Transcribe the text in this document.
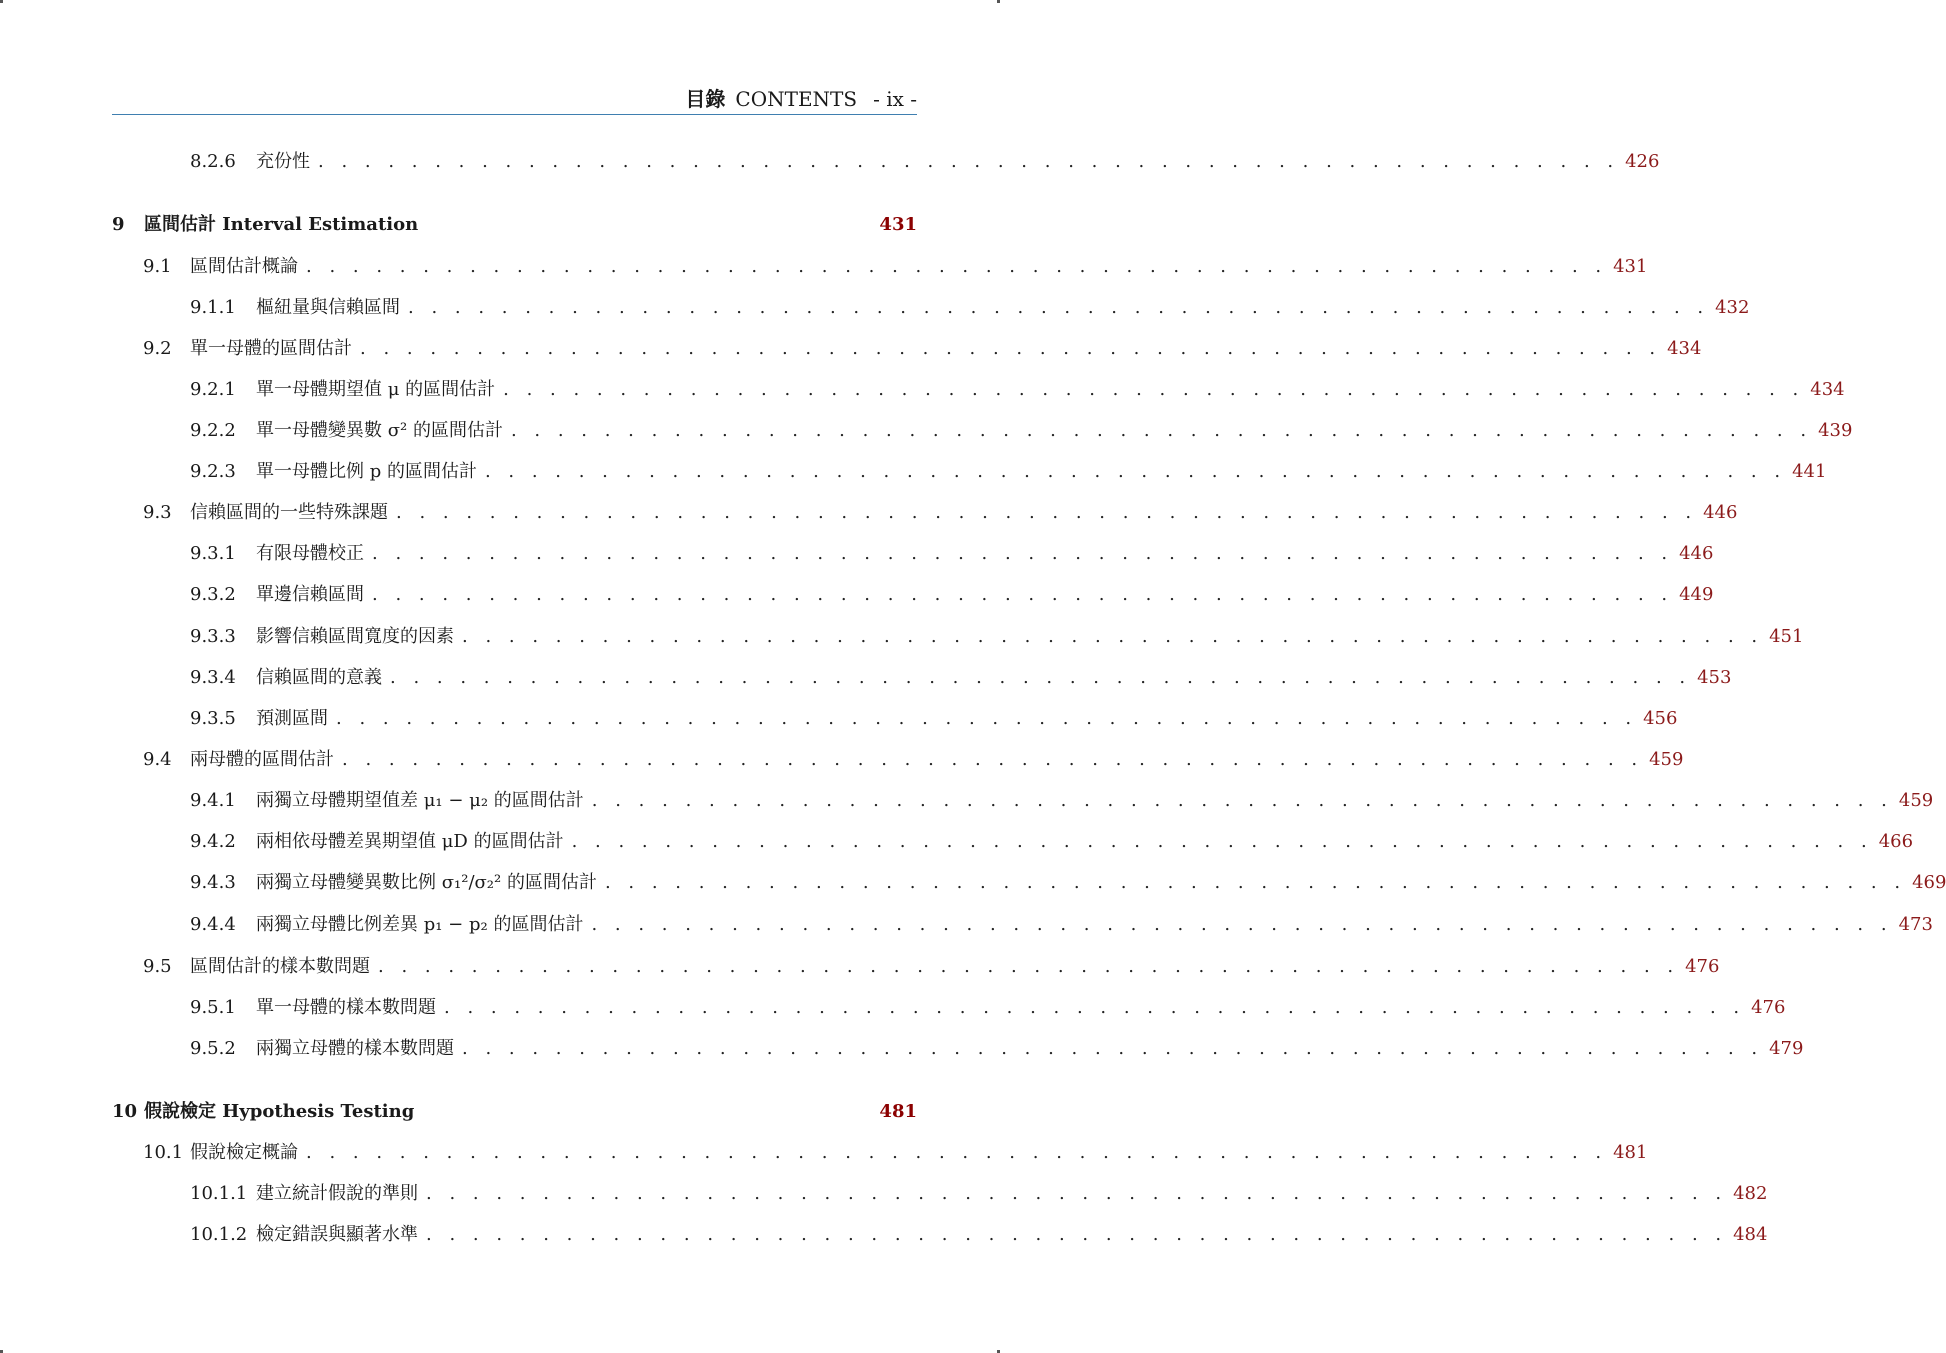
目錄 CONTENTS - ix -
8.2.6	充份性 . . . . . . . . . . . . . . . . . . . . . . . . . . . . . . . . . . . . . . . . . . . . . . . . . . . . . . . . 426
9	區間估計 Interval Estimation	431
9.1	區間估計概論 . . . . . . . . . . . . . . . . . . . . . . . . . . . . . . . . . . . . . . . . . . . . . . . . . . . . . . . . 431
9.1.1	樞紐量與信賴區間 . . . . . . . . . . . . . . . . . . . . . . . . . . . . . . . . . . . . . . . . . . . . . . . . . . . . . . . . 432
9.2	單一母體的區間估計 . . . . . . . . . . . . . . . . . . . . . . . . . . . . . . . . . . . . . . . . . . . . . . . . . . . . . . . . 434
9.2.1	單一母體期望值 μ 的區間估計 . . . . . . . . . . . . . . . . . . . . . . . . . . . . . . . . . . . . . . . . . . . . . . . . . . . . . . . . 434
9.2.2	單一母體變異數 σ² 的區間估計 . . . . . . . . . . . . . . . . . . . . . . . . . . . . . . . . . . . . . . . . . . . . . . . . . . . . . . . . 439
9.2.3	單一母體比例 p 的區間估計 . . . . . . . . . . . . . . . . . . . . . . . . . . . . . . . . . . . . . . . . . . . . . . . . . . . . . . . . 441
9.3	信賴區間的一些特殊課題 . . . . . . . . . . . . . . . . . . . . . . . . . . . . . . . . . . . . . . . . . . . . . . . . . . . . . . . . 446
9.3.1	有限母體校正 . . . . . . . . . . . . . . . . . . . . . . . . . . . . . . . . . . . . . . . . . . . . . . . . . . . . . . . . 446
9.3.2	單邊信賴區間 . . . . . . . . . . . . . . . . . . . . . . . . . . . . . . . . . . . . . . . . . . . . . . . . . . . . . . . . 449
9.3.3	影響信賴區間寬度的因素 . . . . . . . . . . . . . . . . . . . . . . . . . . . . . . . . . . . . . . . . . . . . . . . . . . . . . . . . 451
9.3.4	信賴區間的意義 . . . . . . . . . . . . . . . . . . . . . . . . . . . . . . . . . . . . . . . . . . . . . . . . . . . . . . . . 453
9.3.5	預測區間 . . . . . . . . . . . . . . . . . . . . . . . . . . . . . . . . . . . . . . . . . . . . . . . . . . . . . . . . 456
9.4	兩母體的區間估計 . . . . . . . . . . . . . . . . . . . . . . . . . . . . . . . . . . . . . . . . . . . . . . . . . . . . . . . . 459
9.4.1	兩獨立母體期望值差 μ₁ − μ₂ 的區間估計 . . . . . . . . . . . . . . . . . . . . . . . . . . . . . . . . . . . . . . . . . . . . . . . . . . . . . . . . 459
9.4.2	兩相依母體差異期望值 μD 的區間估計 . . . . . . . . . . . . . . . . . . . . . . . . . . . . . . . . . . . . . . . . . . . . . . . . . . . . . . . . 466
9.4.3	兩獨立母體變異數比例 σ₁²/σ₂² 的區間估計 . . . . . . . . . . . . . . . . . . . . . . . . . . . . . . . . . . . . . . . . . . . . . . . . . . . . . . . . 469
9.4.4	兩獨立母體比例差異 p₁ − p₂ 的區間估計 . . . . . . . . . . . . . . . . . . . . . . . . . . . . . . . . . . . . . . . . . . . . . . . . . . . . . . . . 473
9.5	區間估計的樣本數問題 . . . . . . . . . . . . . . . . . . . . . . . . . . . . . . . . . . . . . . . . . . . . . . . . . . . . . . . . 476
9.5.1	單一母體的樣本數問題 . . . . . . . . . . . . . . . . . . . . . . . . . . . . . . . . . . . . . . . . . . . . . . . . . . . . . . . . 476
9.5.2	兩獨立母體的樣本數問題 . . . . . . . . . . . . . . . . . . . . . . . . . . . . . . . . . . . . . . . . . . . . . . . . . . . . . . . . 479
10 假說檢定 Hypothesis Testing	481
10.1 假說檢定概論 . . . . . . . . . . . . . . . . . . . . . . . . . . . . . . . . . . . . . . . . . . . . . . . . . . . . . . . . 481
10.1.1 建立統計假說的準則 . . . . . . . . . . . . . . . . . . . . . . . . . . . . . . . . . . . . . . . . . . . . . . . . . . . . . . . . 482
10.1.2 檢定錯誤與顯著水準 . . . . . . . . . . . . . . . . . . . . . . . . . . . . . . . . . . . . . . . . . . . . . . . . . . . . . . . . 484
